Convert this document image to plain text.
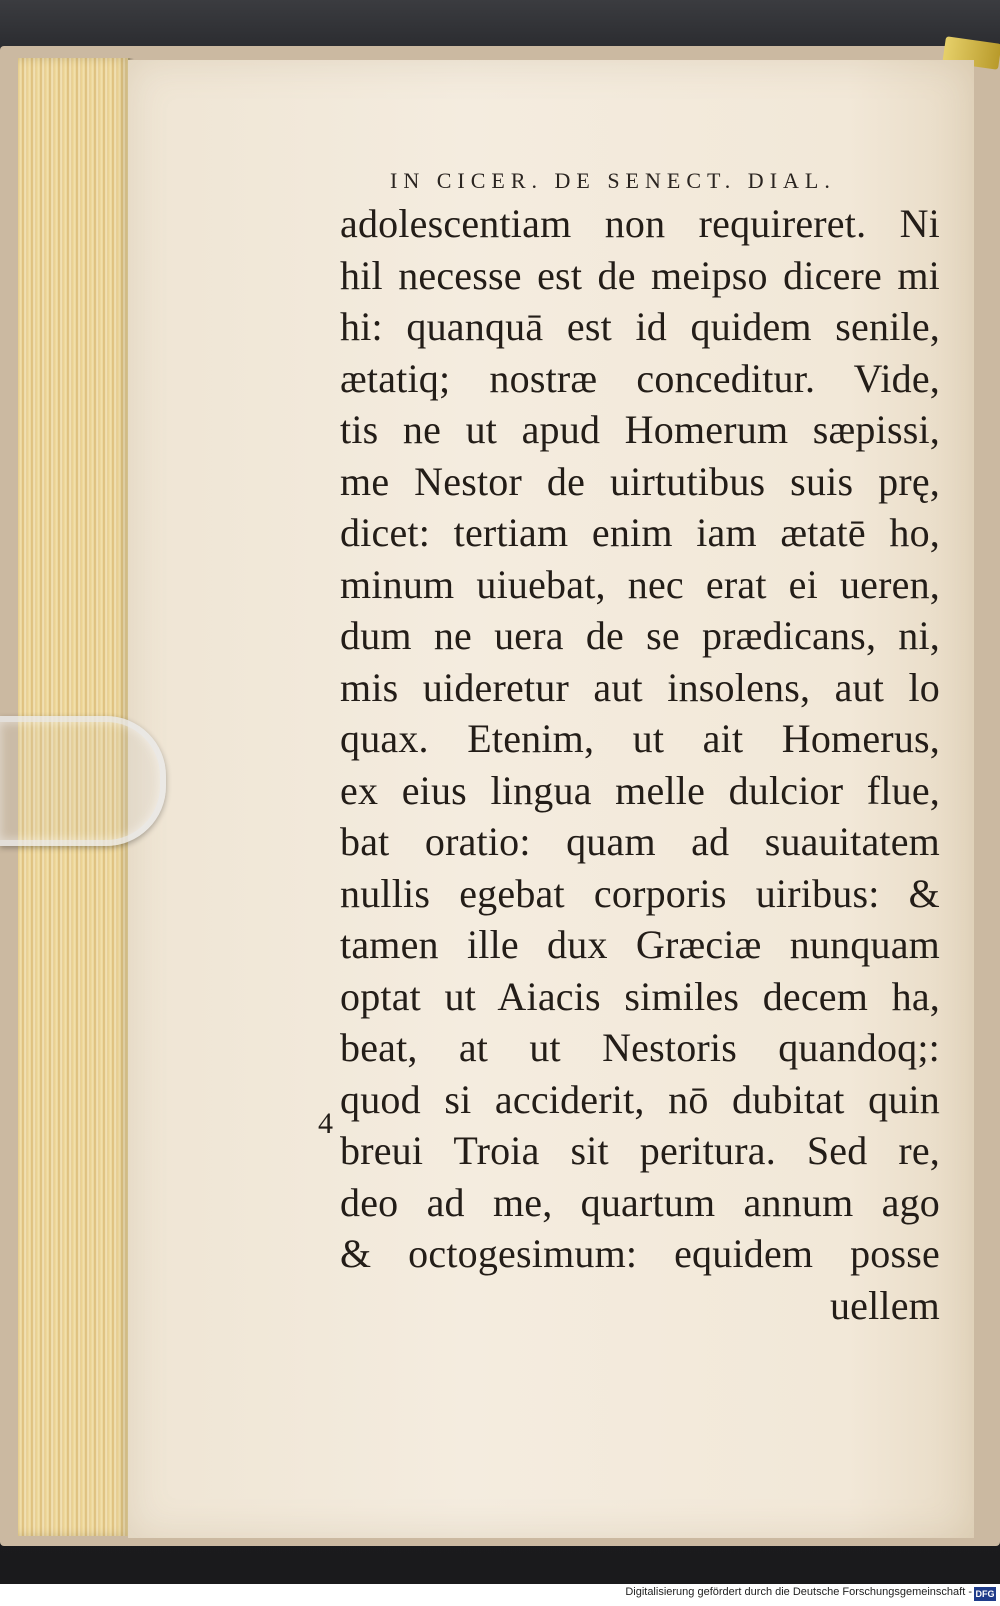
IN CICER. DE SENECT. DIAL.
adolescentiam non requireret. Ni
hil necesse est de meipso dicere mi
hi: quanquā est id quidem senile,
ætatiq; nostræ conceditur. Vide,
tis ne ut apud Homerum sæpissi,
me Nestor de uirtutibus suis prę,
dicet: tertiam enim iam ætatē ho,
minum uiuebat, nec erat ei ueren,
dum ne uera de se prædicans, ni,
mis uideretur aut insolens, aut lo
quax. Etenim, ut ait Homerus,
ex eius lingua melle dulcior flue,
bat oratio: quam ad suauitatem
nullis egebat corporis uiribus: &
tamen ille dux Græciæ nunquam
optat ut Aiacis similes decem ha,
beat, at ut Nestoris quandoq;:
quod si acciderit, nō dubitat quin
breui Troia sit peritura. Sed re,
deo ad me, quartum annum ago
& octogesimum: equidem posse
uellem
4
Digitalisierung gefördert durch die Deutsche Forschungsgemeinschaft - DFG
